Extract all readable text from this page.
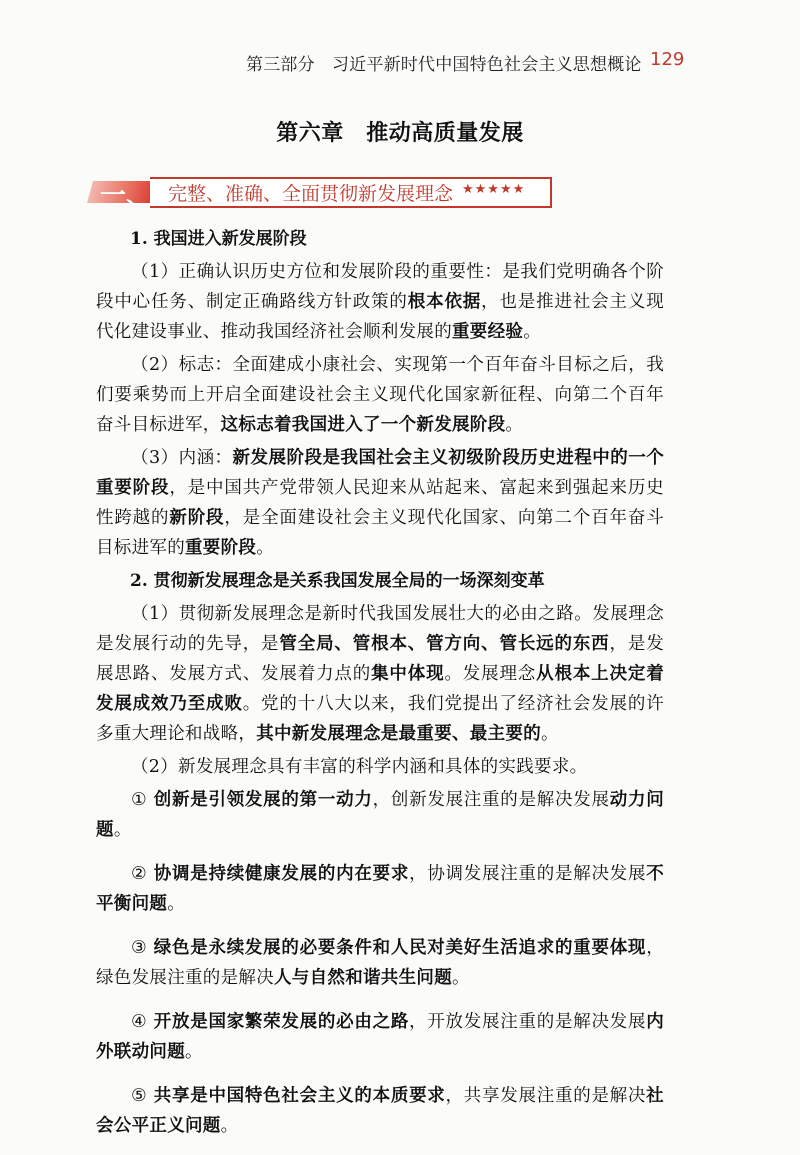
第三部分　习近平新时代中国特色社会主义思想概论 129
第六章　推动高质量发展
一、 完整、准确、全面贯彻新发展理念 ★★★★★

1. 我国进入新发展阶段

（1）正确认识历史方位和发展阶段的重要性：是我们党明确各个阶段中心任务、制定正确路线方针政策的根本依据，也是推进社会主义现代化建设事业、推动我国经济社会顺利发展的重要经验。

（2）标志：全面建成小康社会、实现第一个百年奋斗目标之后，我们要乘势而上开启全面建设社会主义现代化国家新征程、向第二个百年奋斗目标进军，这标志着我国进入了一个新发展阶段。

（3）内涵：新发展阶段是我国社会主义初级阶段历史进程中的一个重要阶段，是中国共产党带领人民迎来从站起来、富起来到强起来历史性跨越的新阶段，是全面建设社会主义现代化国家、向第二个百年奋斗目标进军的重要阶段。

2. 贯彻新发展理念是关系我国发展全局的一场深刻变革

（1）贯彻新发展理念是新时代我国发展壮大的必由之路。发展理念是发展行动的先导，是管全局、管根本、管方向、管长远的东西，是发展思路、发展方式、发展着力点的集中体现。发展理念从根本上决定着发展成效乃至成败。党的十八大以来，我们党提出了经济社会发展的许多重大理论和战略，其中新发展理念是最重要、最主要的。

（2）新发展理念具有丰富的科学内涵和具体的实践要求。

① 创新是引领发展的第一动力，创新发展注重的是解决发展动力问题。

② 协调是持续健康发展的内在要求，协调发展注重的是解决发展不平衡问题。

③ 绿色是永续发展的必要条件和人民对美好生活追求的重要体现，绿色发展注重的是解决人与自然和谐共生问题。

④ 开放是国家繁荣发展的必由之路，开放发展注重的是解决发展内外联动问题。

⑤ 共享是中国特色社会主义的本质要求，共享发展注重的是解决社会公平正义问题。
